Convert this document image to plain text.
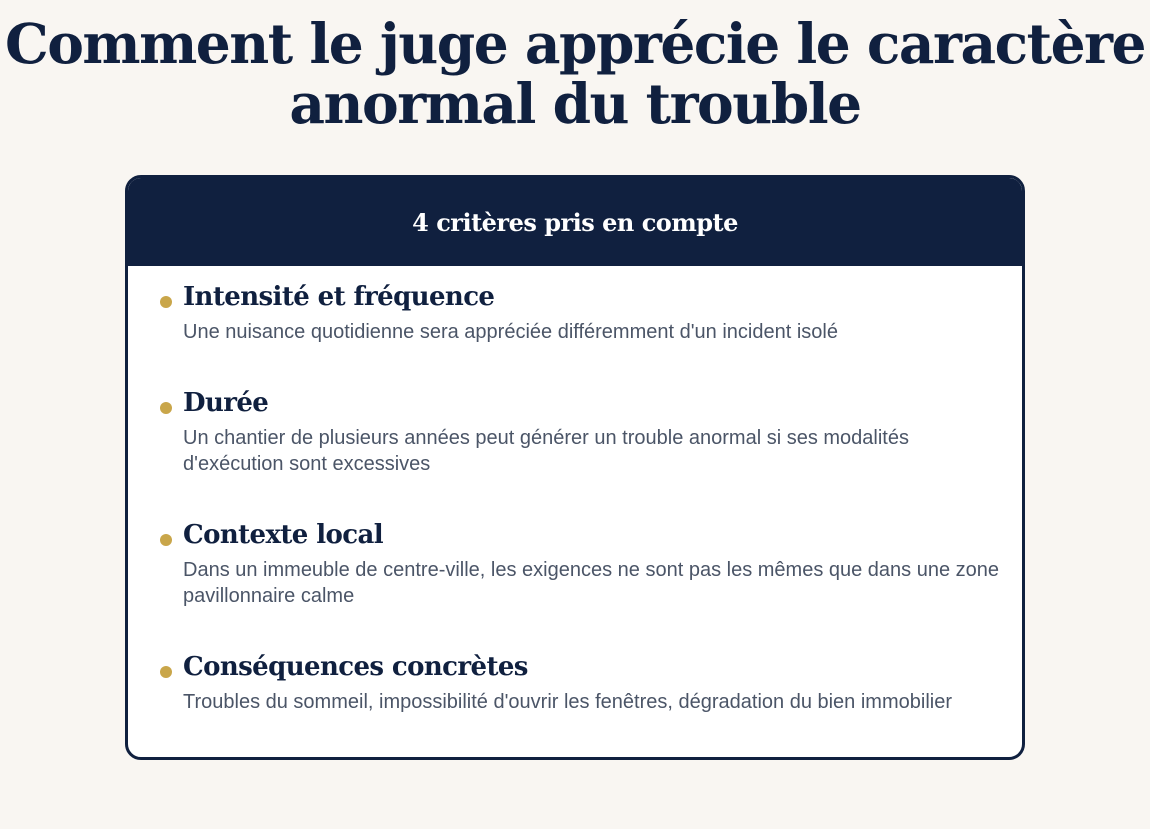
Comment le juge apprécie le caractère anormal du trouble
4 critères pris en compte
Intensité et fréquence
Une nuisance quotidienne sera appréciée différemment d'un incident isolé
Durée
Un chantier de plusieurs années peut générer un trouble anormal si ses modalités d'exécution sont excessives
Contexte local
Dans un immeuble de centre-ville, les exigences ne sont pas les mêmes que dans une zone pavillonnaire calme
Conséquences concrètes
Troubles du sommeil, impossibilité d'ouvrir les fenêtres, dégradation du bien immobilier
